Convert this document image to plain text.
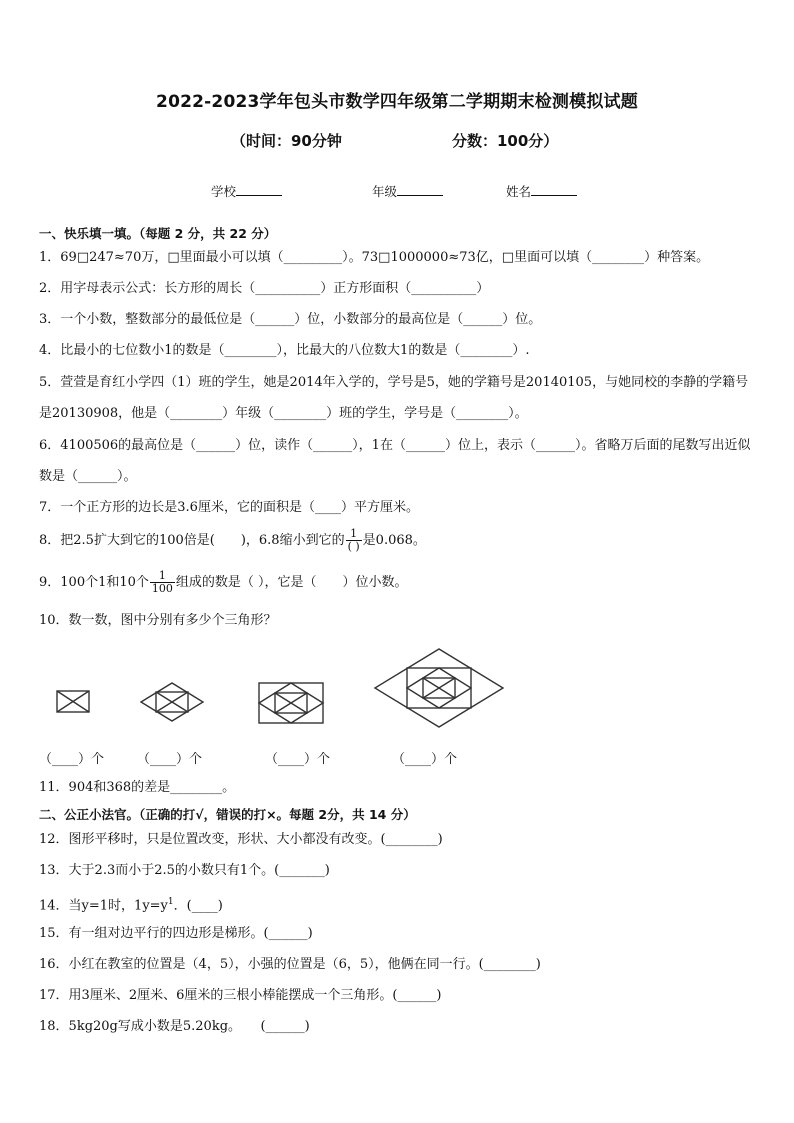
2022-2023学年包头市数学四年级第二学期期末检测模拟试题
（时间：90分钟	分数：100分）
学校	年级	姓名
一、快乐填一填。（每题 2 分，共 22 分）
1．69□247≈70万，□里面最小可以填（_________）。73□1000000≈73亿，□里面可以填（________）种答案。
2．用字母表示公式：长方形的周长（__________）正方形面积（__________）
3．一个小数，整数部分的最低位是（______）位，小数部分的最高位是（______）位。
4．比最小的七位数小1的数是（________），比最大的八位数大1的数是（________）.
5．萱萱是育红小学四（1）班的学生，她是2014年入学的，学号是5，她的学籍号是20140105，与她同校的李静的学籍号是20130908，他是（________）年级（________）班的学生，学号是（________）。
6．4100506的最高位是（______）位，读作（______），1在（______）位上，表示（______）。省略万后面的尾数写出近似数是（______）。
7．一个正方形的边长是3.6厘米，它的面积是（____）平方厘米。
8．把2.5扩大到它的100倍是(　　)，6.8缩小到它的 $\frac{1}{( )}$ 是0.068。
9．100个1和10个 $\frac{1}{100}$ 组成的数是（ ），它是（　　）位小数。
10．数一数，图中分别有多少个三角形？
（____）个	（____）个	（____）个	（____）个
11．904和368的差是________。
二、公正小法官。（正确的打√，错误的打×。每题 2分，共 14 分）
12．图形平移时，只是位置改变，形状、大小都没有改变。(________)
13．大于2.3而小于2.5的小数只有1个。(_______)
14．当y=1时，$1y=y^1$．(____)
15．有一组对边平行的四边形是梯形。(______)
16．小红在教室的位置是（4，5），小强的位置是（6，5），他俩在同一行。(________)
17．用3厘米、2厘米、6厘米的三根小棒能摆成一个三角形。(______)
18．5kg20g写成小数是5.20kg。　　(______)
